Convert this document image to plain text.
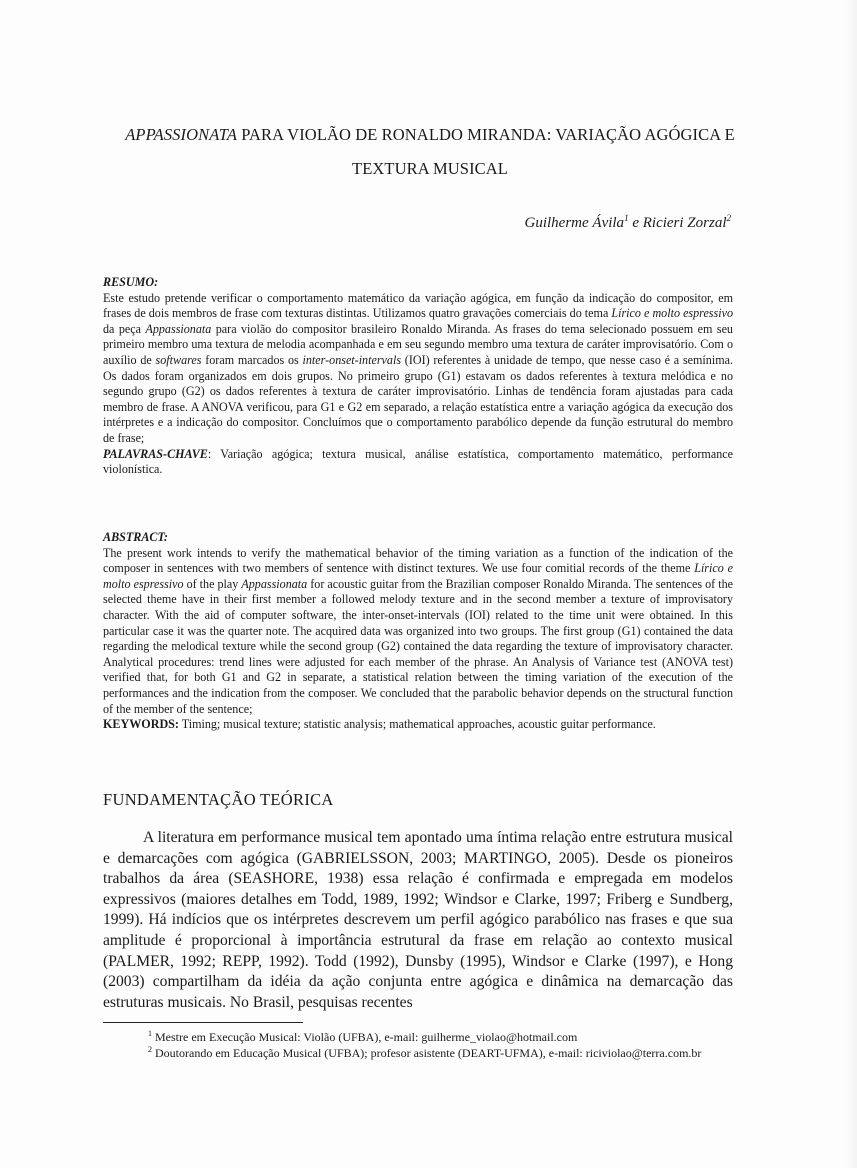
APPASSIONATA PARA VIOLÃO DE RONALDO MIRANDA: VARIAÇÃO AGÓGICA E
TEXTURA MUSICAL
Guilherme Ávila$^1$ e Ricieri Zorzal$^2$
RESUMO:
Este estudo pretende verificar o comportamento matemático da variação agógica, em função da indicação do compositor, em frases de dois membros de frase com texturas distintas. Utilizamos quatro gravações comerciais do tema Lírico e molto espressivo da peça Appassionata para violão do compositor brasileiro Ronaldo Miranda. As frases do tema selecionado possuem em seu primeiro membro uma textura de melodia acompanhada e em seu segundo membro uma textura de caráter improvisatório. Com o auxílio de softwares foram marcados os inter-onset-intervals (IOI) referentes à unidade de tempo, que nesse caso é a semínima. Os dados foram organizados em dois grupos. No primeiro grupo (G1) estavam os dados referentes à textura melódica e no segundo grupo (G2) os dados referentes à textura de caráter improvisatório. Linhas de tendência foram ajustadas para cada membro de frase. A ANOVA verificou, para G1 e G2 em separado, a relação estatística entre a variação agógica da execução dos intérpretes e a indicação do compositor. Concluímos que o comportamento parabólico depende da função estrutural do membro de frase;
PALAVRAS-CHAVE: Variação agógica; textura musical, análise estatística, comportamento matemático, performance violonística.
ABSTRACT:
The present work intends to verify the mathematical behavior of the timing variation as a function of the indication of the composer in sentences with two members of sentence with distinct textures. We use four comitial records of the theme Lírico e molto espressivo of the play Appassionata for acoustic guitar from the Brazilian composer Ronaldo Miranda. The sentences of the selected theme have in their first member a followed melody texture and in the second member a texture of improvisatory character. With the aid of computer software, the inter-onset-intervals (IOI) related to the time unit were obtained. In this particular case it was the quarter note. The acquired data was organized into two groups. The first group (G1) contained the data regarding the melodical texture while the second group (G2) contained the data regarding the texture of improvisatory character. Analytical procedures: trend lines were adjusted for each member of the phrase. An Analysis of Variance test (ANOVA test) verified that, for both G1 and G2 in separate, a statistical relation between the timing variation of the execution of the performances and the indication from the composer. We concluded that the parabolic behavior depends on the structural function of the member of the sentence;
KEYWORDS: Timing; musical texture; statistic analysis; mathematical approaches, acoustic guitar performance.
FUNDAMENTAÇÃO TEÓRICA

A literatura em performance musical tem apontado uma íntima relação entre estrutura musical e demarcações com agógica (GABRIELSSON, 2003; MARTINGO, 2005). Desde os pioneiros trabalhos da área (SEASHORE, 1938) essa relação é confirmada e empregada em modelos expressivos (maiores detalhes em Todd, 1989, 1992; Windsor e Clarke, 1997; Friberg e Sundberg, 1999). Há indícios que os intérpretes descrevem um perfil agógico parabólico nas frases e que sua amplitude é proporcional à importância estrutural da frase em relação ao contexto musical (PALMER, 1992; REPP, 1992). Todd (1992), Dunsby (1995), Windsor e Clarke (1997), e Hong (2003) compartilham da idéia da ação conjunta entre agógica e dinâmica na demarcação das estruturas musicais. No Brasil, pesquisas recentes

$^1$ Mestre em Execução Musical: Violão (UFBA), e-mail: guilherme_violao@hotmail.com

$^2$ Doutorando em Educação Musical (UFBA); profesor asistente (DEART-UFMA), e-mail: riciviolao@terra.com.br
